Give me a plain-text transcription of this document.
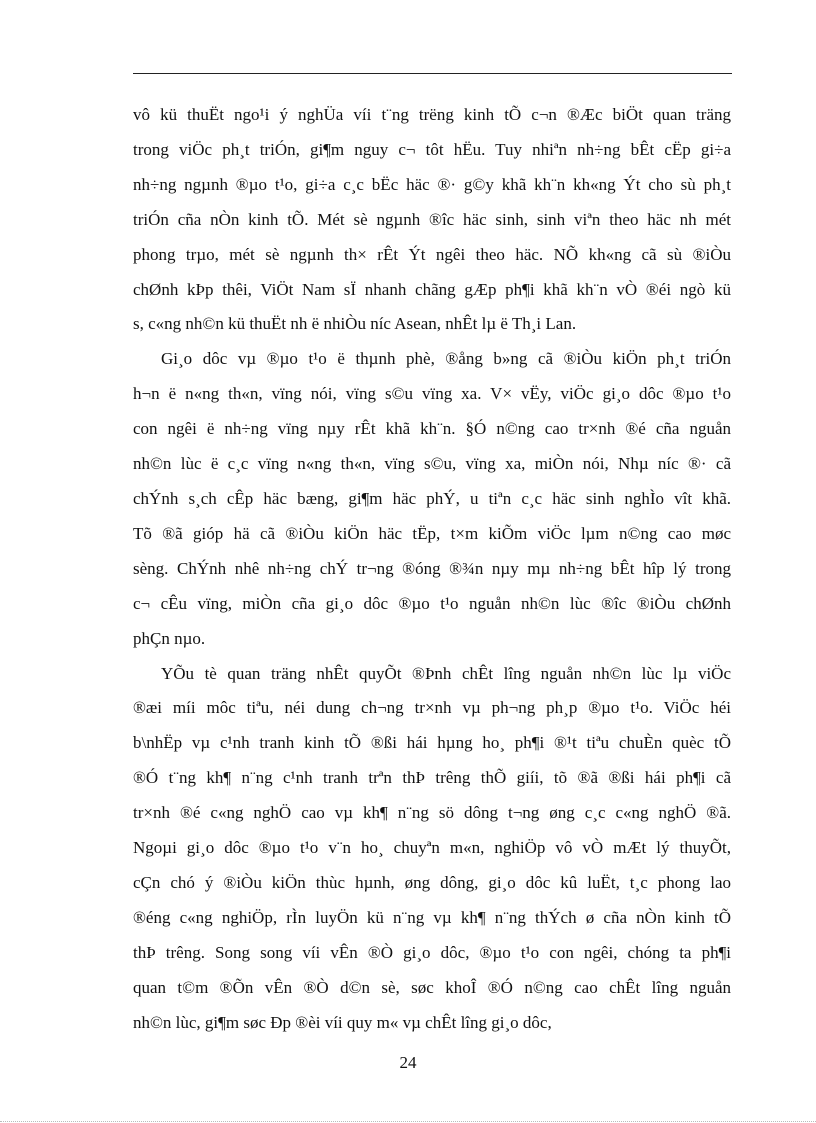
vô kü thuËt ngo¹i ý nghÜa víi t¨ng trëng kinh tÕ c¬n ®Æc biÖt quan träng
trong viÖc ph¸t triÓn, gi¶m nguy c¬ tôt hËu. Tuy nhiªn nh÷ng bÊt cËp gi÷a
nh÷ng ngµnh ®µo t¹o, gi÷a c¸c bËc häc ®· g©y khã kh¨n kh«ng Ýt cho sù ph¸t
triÓn cña nÒn kinh tÕ. Mét sè ngµnh ®îc häc sinh, sinh viªn theo häc nh mét
phong trµo, mét sè ngµnh th× rÊt Ýt ngêi theo häc. NÕ kh«ng cã sù ®iÒu
chØnh kÞp thêi, ViÖt Nam sÏ nhanh chãng gÆp ph¶i khã kh¨n vÒ ®éi ngò kü
s, c«ng nh©n kü thuËt nh ë nhiÒu níc Asean, nhÊt lµ ë Th¸i Lan.

Gi¸o dôc vµ ®µo t¹o ë thµnh phè, ®ång b»ng cã ®iÒu kiÖn ph¸t triÓn
h¬n ë n«ng th«n, vïng nói, vïng s©u vïng xa. V× vËy, viÖc gi¸o dôc ®µo t¹o
con ngêi ë nh÷ng vïng nµy rÊt khã kh¨n. §Ó n©ng cao tr×nh ®é cña nguån
nh©n lùc ë c¸c vïng n«ng th«n, vïng s©u, vïng xa, miÒn nói, Nhµ níc ®· cã
chÝnh s¸ch cÊp häc bæng, gi¶m häc phÝ, u tiªn c¸c häc sinh nghÌo vît khã.
Tõ ®ã gióp hä cã ®iÒu kiÖn häc tËp, t×m kiÕm viÖc lµm n©ng cao møc
sèng. ChÝnh nhê nh÷ng chÝ tr¬ng ®óng ®¾n nµy mµ nh÷ng bÊt hîp lý trong
c¬ cÊu vïng, miÒn cña gi¸o dôc ®µo t¹o nguån nh©n lùc ®îc ®iÒu chØnh
phÇn nµo.

YÕu tè quan träng nhÊt quyÕt ®Þnh chÊt lîng nguån nh©n lùc lµ viÖc
®æi míi môc tiªu, néi dung ch¬ng tr×nh vµ ph¬ng ph¸p ®µo t¹o. ViÖc héi
b\nhËp vµ c¹nh tranh kinh tÕ ®ßi hái hµng ho¸ ph¶i ®¹t tiªu chuÈn quèc tÕ
®Ó t¨ng kh¶ n¨ng c¹nh tranh trªn thÞ trêng thÕ giíi, tõ ®ã ®ßi hái ph¶i cã
tr×nh ®é c«ng nghÖ cao vµ kh¶ n¨ng sö dông t¬ng øng c¸c c«ng nghÖ ®ã.
Ngoµi gi¸o dôc ®µo t¹o v¨n ho¸ chuyªn m«n, nghiÖp vô vÒ mÆt lý thuyÕt,
cÇn chó ý ®iÒu kiÖn thùc hµnh, øng dông, gi¸o dôc kû luËt, t¸c phong lao
®éng c«ng nghiÖp, rÌn luyÖn kü n¨ng vµ kh¶ n¨ng thÝch ø cña nÒn kinh tÕ
thÞ trêng. Song song víi vÊn ®Ò gi¸o dôc, ®µo t¹o con ngêi, chóng ta ph¶i
quan t©m ®Õn vÊn ®Ò d©n sè, søc khoÎ ®Ó n©ng cao chÊt lîng nguån
nh©n lùc, gi¶m søc Ðp ®èi víi quy m« vµ chÊt lîng gi¸o dôc,

24
